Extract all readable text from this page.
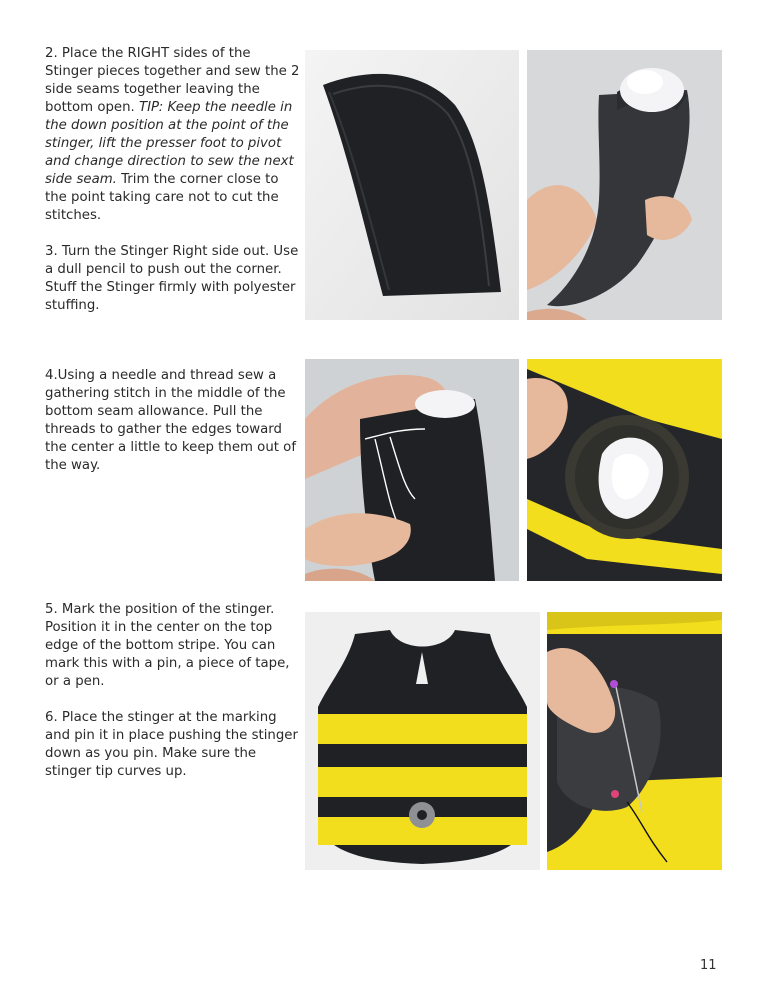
2. Place the RIGHT sides of the Stinger pieces together and sew the 2 side seams together leaving the bottom open. TIP: Keep the needle in the down position at the point of the stinger, lift the presser foot to pivot and change direction to sew the next side seam. Trim the corner close to the point taking care not to cut the stitches.

3. Turn the Stinger Right side out. Use a dull pencil to push out the corner. Stuff the Stinger firmly with polyester stuffing.

4.Using a needle and thread sew a gathering stitch in the middle of the bottom seam allowance. Pull the threads to gather the edges toward the center a little to keep them out of the way.

5. Mark the position of the stinger. Position it in the center on the top edge of the bottom stripe. You can mark this with a pin, a piece of tape, or a pen.

6. Place the stinger at the marking and pin it in place pushing the stinger down as you pin. Make sure the stinger tip curves up.

11
